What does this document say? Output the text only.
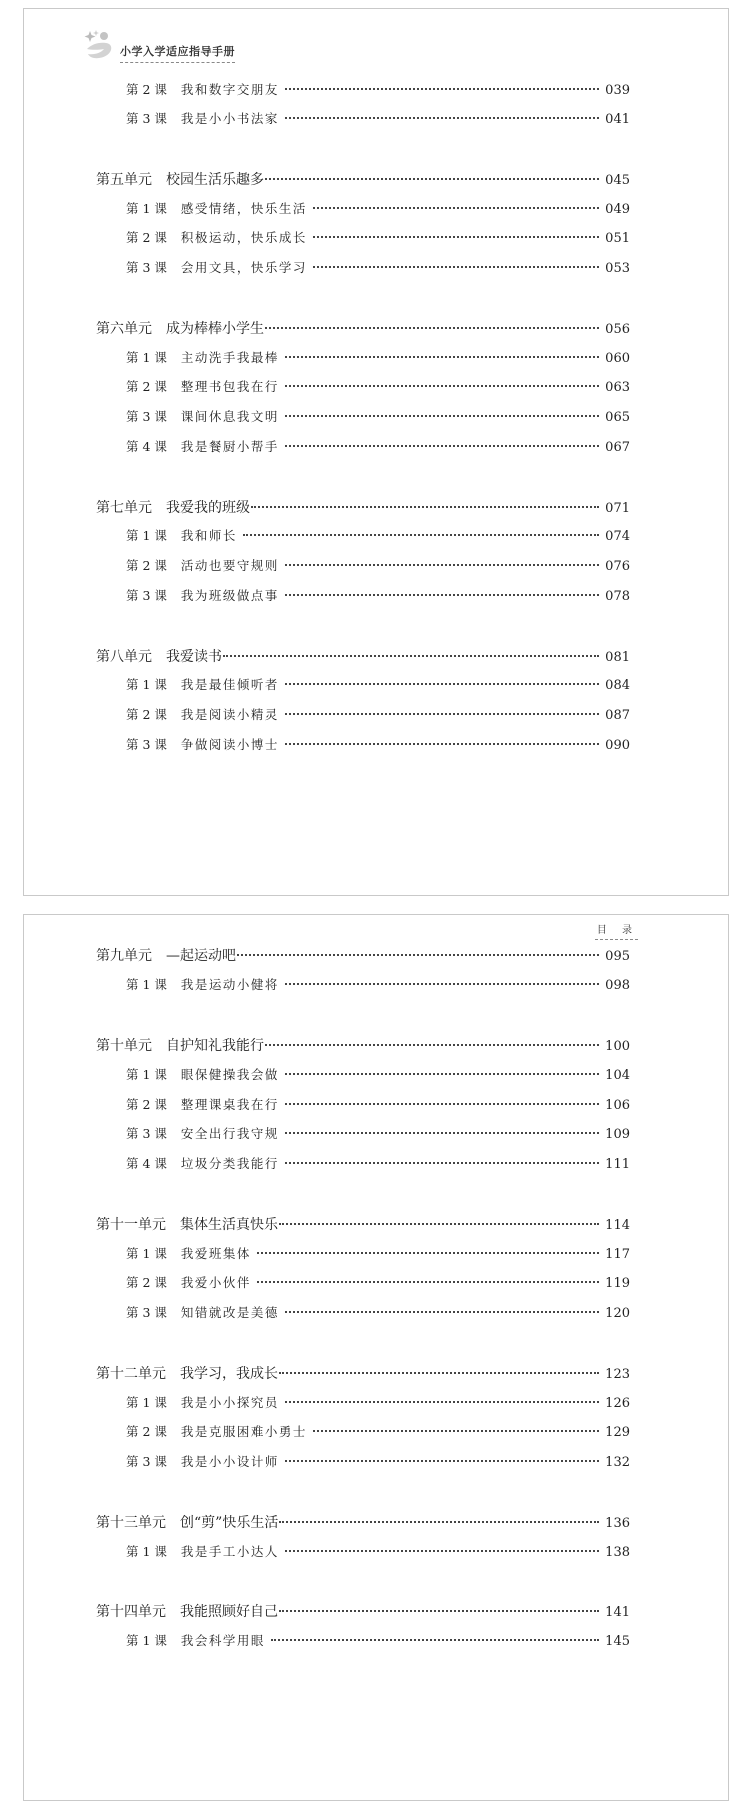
小学入学适应指导手册
第 2 课 我和数字交朋友	039
第 3 课 我是小小书法家	041
第五单元 校园生活乐趣多	045
第 1 课 感受情绪，快乐生活	049
第 2 课 积极运动，快乐成长	051
第 3 课 会用文具，快乐学习	053
第六单元 成为棒棒小学生	056
第 1 课 主动洗手我最棒	060
第 2 课 整理书包我在行	063
第 3 课 课间休息我文明	065
第 4 课 我是餐厨小帮手	067
第七单元 我爱我的班级	071
第 1 课 我和师长	074
第 2 课 活动也要守规则	076
第 3 课 我为班级做点事	078
第八单元 我爱读书	081
第 1 课 我是最佳倾听者	084
第 2 课 我是阅读小精灵	087
第 3 课 争做阅读小博士	090
目 录
第九单元 —起运动吧	095
第 1 课 我是运动小健将	098
第十单元 自护知礼我能行	100
第 1 课 眼保健操我会做	104
第 2 课 整理课桌我在行	106
第 3 课 安全出行我守规	109
第 4 课 垃圾分类我能行	111
第十一单元 集体生活真快乐	114
第 1 课 我爱班集体	117
第 2 课 我爱小伙伴	119
第 3 课 知错就改是美德	120
第十二单元 我学习，我成长	123
第 1 课 我是小小探究员	126
第 2 课 我是克服困难小勇士	129
第 3 课 我是小小设计师	132
第十三单元 创“剪”快乐生活	136
第 1 课 我是手工小达人	138
第十四单元 我能照顾好自己	141
第 1 课 我会科学用眼	145
